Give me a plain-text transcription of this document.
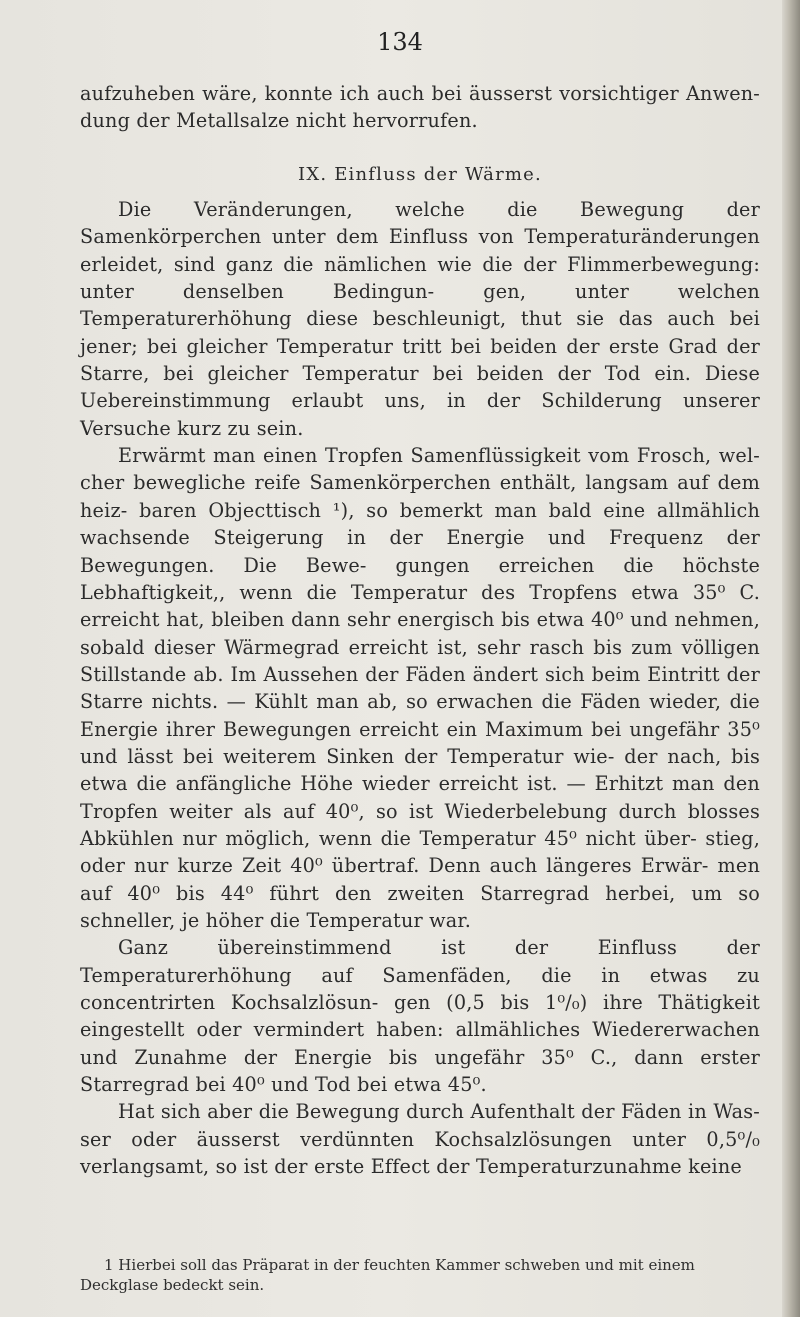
134

aufzuheben wäre, konnte ich auch bei äusserst vorsichtiger Anwen- dung der Metallsalze nicht hervorrufen.

IX. Einfluss der Wärme.

Die Veränderungen, welche die Bewegung der Samenkörperchen unter dem Einfluss von Temperaturänderungen erleidet, sind ganz die nämlichen wie die der Flimmerbewegung: unter denselben Bedingun- gen, unter welchen Temperaturerhöhung diese beschleunigt, thut sie das auch bei jener; bei gleicher Temperatur tritt bei beiden der erste Grad der Starre, bei gleicher Temperatur bei beiden der Tod ein. Diese Uebereinstimmung erlaubt uns, in der Schilderung unserer Versuche kurz zu sein.

Erwärmt man einen Tropfen Samenflüssigkeit vom Frosch, wel- cher bewegliche reife Samenkörperchen enthält, langsam auf dem heiz- baren Objecttisch ¹), so bemerkt man bald eine allmählich wachsende Steigerung in der Energie und Frequenz der Bewegungen. Die Bewe- gungen erreichen die höchste Lebhaftigkeit,, wenn die Temperatur des Tropfens etwa 35⁰ C. erreicht hat, bleiben dann sehr energisch bis etwa 40⁰ und nehmen, sobald dieser Wärmegrad erreicht ist, sehr rasch bis zum völligen Stillstande ab. Im Aussehen der Fäden ändert sich beim Eintritt der Starre nichts. — Kühlt man ab, so erwachen die Fäden wieder, die Energie ihrer Bewegungen erreicht ein Maximum bei ungefähr 35⁰ und lässt bei weiterem Sinken der Temperatur wie- der nach, bis etwa die anfängliche Höhe wieder erreicht ist. — Erhitzt man den Tropfen weiter als auf 40⁰, so ist Wiederbelebung durch blosses Abkühlen nur möglich, wenn die Temperatur 45⁰ nicht über- stieg, oder nur kurze Zeit 40⁰ übertraf. Denn auch längeres Erwär- men auf 40⁰ bis 44⁰ führt den zweiten Starregrad herbei, um so schneller, je höher die Temperatur war.

Ganz übereinstimmend ist der Einfluss der Temperaturerhöhung auf Samenfäden, die in etwas zu concentrirten Kochsalzlösun- gen (0,5 bis 1⁰/₀) ihre Thätigkeit eingestellt oder vermindert haben: allmähliches Wiedererwachen und Zunahme der Energie bis ungefähr 35⁰ C., dann erster Starregrad bei 40⁰ und Tod bei etwa 45⁰.

Hat sich aber die Bewegung durch Aufenthalt der Fäden in Was- ser oder äusserst verdünnten Kochsalzlösungen unter 0,5⁰/₀ verlangsamt, so ist der erste Effect der Temperaturzunahme keine

1 Hierbei soll das Präparat in der feuchten Kammer schweben und mit einem Deckglase bedeckt sein.
